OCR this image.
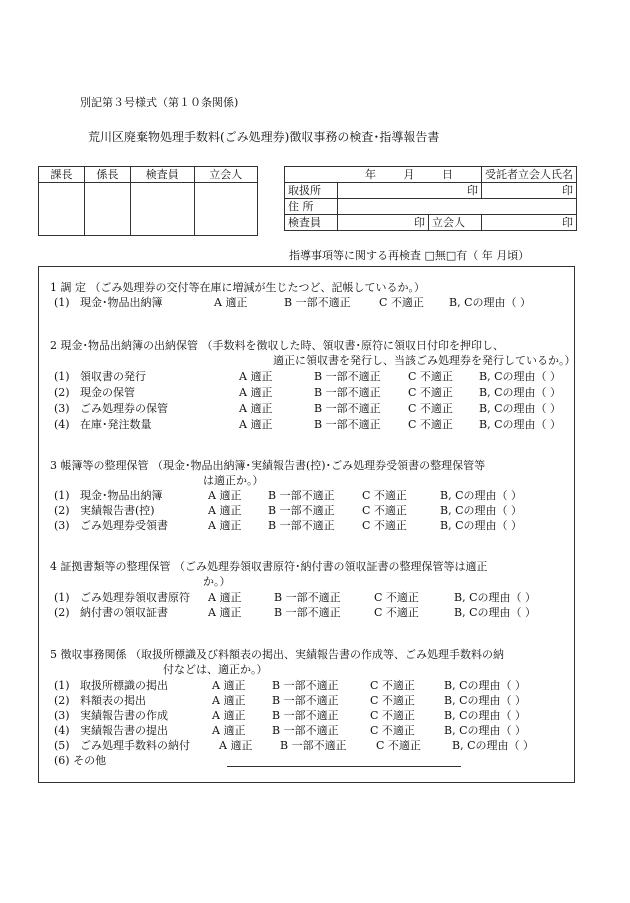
別記第３号様式（第１０条関係)
荒川区廃棄物処理手数料(ごみ処理券)徴収事務の検査･指導報告書
課長	係長	検査員	立会人
				年 月 日			受託者立会人氏名
取扱所	印		印
住 所			
検査員	印	立会人	印
指導事項等に関する再検査 □無□有（ 年 月頃）
1 調 定 （ごみ処理券の交付等在庫に増減が生じたつど、記帳しているか。）
(1) 現金･物品出納簿	A 適正	B 一部不適正	C 不適正 B, Cの理由（ ）
2 現金･物品出納簿の出納保管 （手数料を徴収した時、領収書･原符に領収日付印を押印し、
適正に領収書を発行し、当該ごみ処理券を発行しているか。）
(1) 領収書の発行	A 適正	B 一部不適正 C 不適正 B, Cの理由（ ）
(2) 現金の保管	A 適正	B 一部不適正 C 不適正 B, Cの理由（ ）
(3) ごみ処理券の保管	A 適正	B 一部不適正 C 不適正 B, Cの理由（ ）
(4) 在庫･発注数量	A 適正	B 一部不適正 C 不適正 B, Cの理由（ ）
3 帳簿等の整理保管 （現金･物品出納簿･実績報告書(控)･ごみ処理券受領書の整理保管等
は適正か。）
(1) 現金･物品出納簿	A 適正 B 一部不適正 C 不適正	B, Cの理由（ ）
(2) 実績報告書(控)	A 適正 B 一部不適正 C 不適正	B, Cの理由（ ）
(3) ごみ処理券受領書	A 適正 B 一部不適正 C 不適正	B, Cの理由（ ）
4 証拠書類等の整理保管 （ごみ処理券領収書原符･納付書の領収証書の整理保管等は適正
か。）
(1) ごみ処理券領収書原符 A 適正	B 一部不適正	C 不適正	B, Cの理由（ ）
(2) 納付書の領収証書	A 適正	B 一部不適正	C 不適正	B, Cの理由（ ）
5 徴収事務関係 （取扱所標識及び料額表の掲出、実績報告書の作成等、ごみ処理手数料の納
付などは、適正か。）
(1) 取扱所標識の掲出	A 適正 B 一部不適正	C 不適正	B, Cの理由（ ）
(2) 料額表の掲出	A 適正 B 一部不適正	C 不適正	B, Cの理由（ ）
(3) 実績報告書の作成	A 適正 B 一部不適正	C 不適正	B, Cの理由（ ）
(4) 実績報告書の提出	A 適正 B 一部不適正	C 不適正	B, Cの理由（ ）
(5) ごみ処理手数料の納付	A 適正	B 一部不適正	C 不適正	B, Cの理由（ ）
(6) その他
